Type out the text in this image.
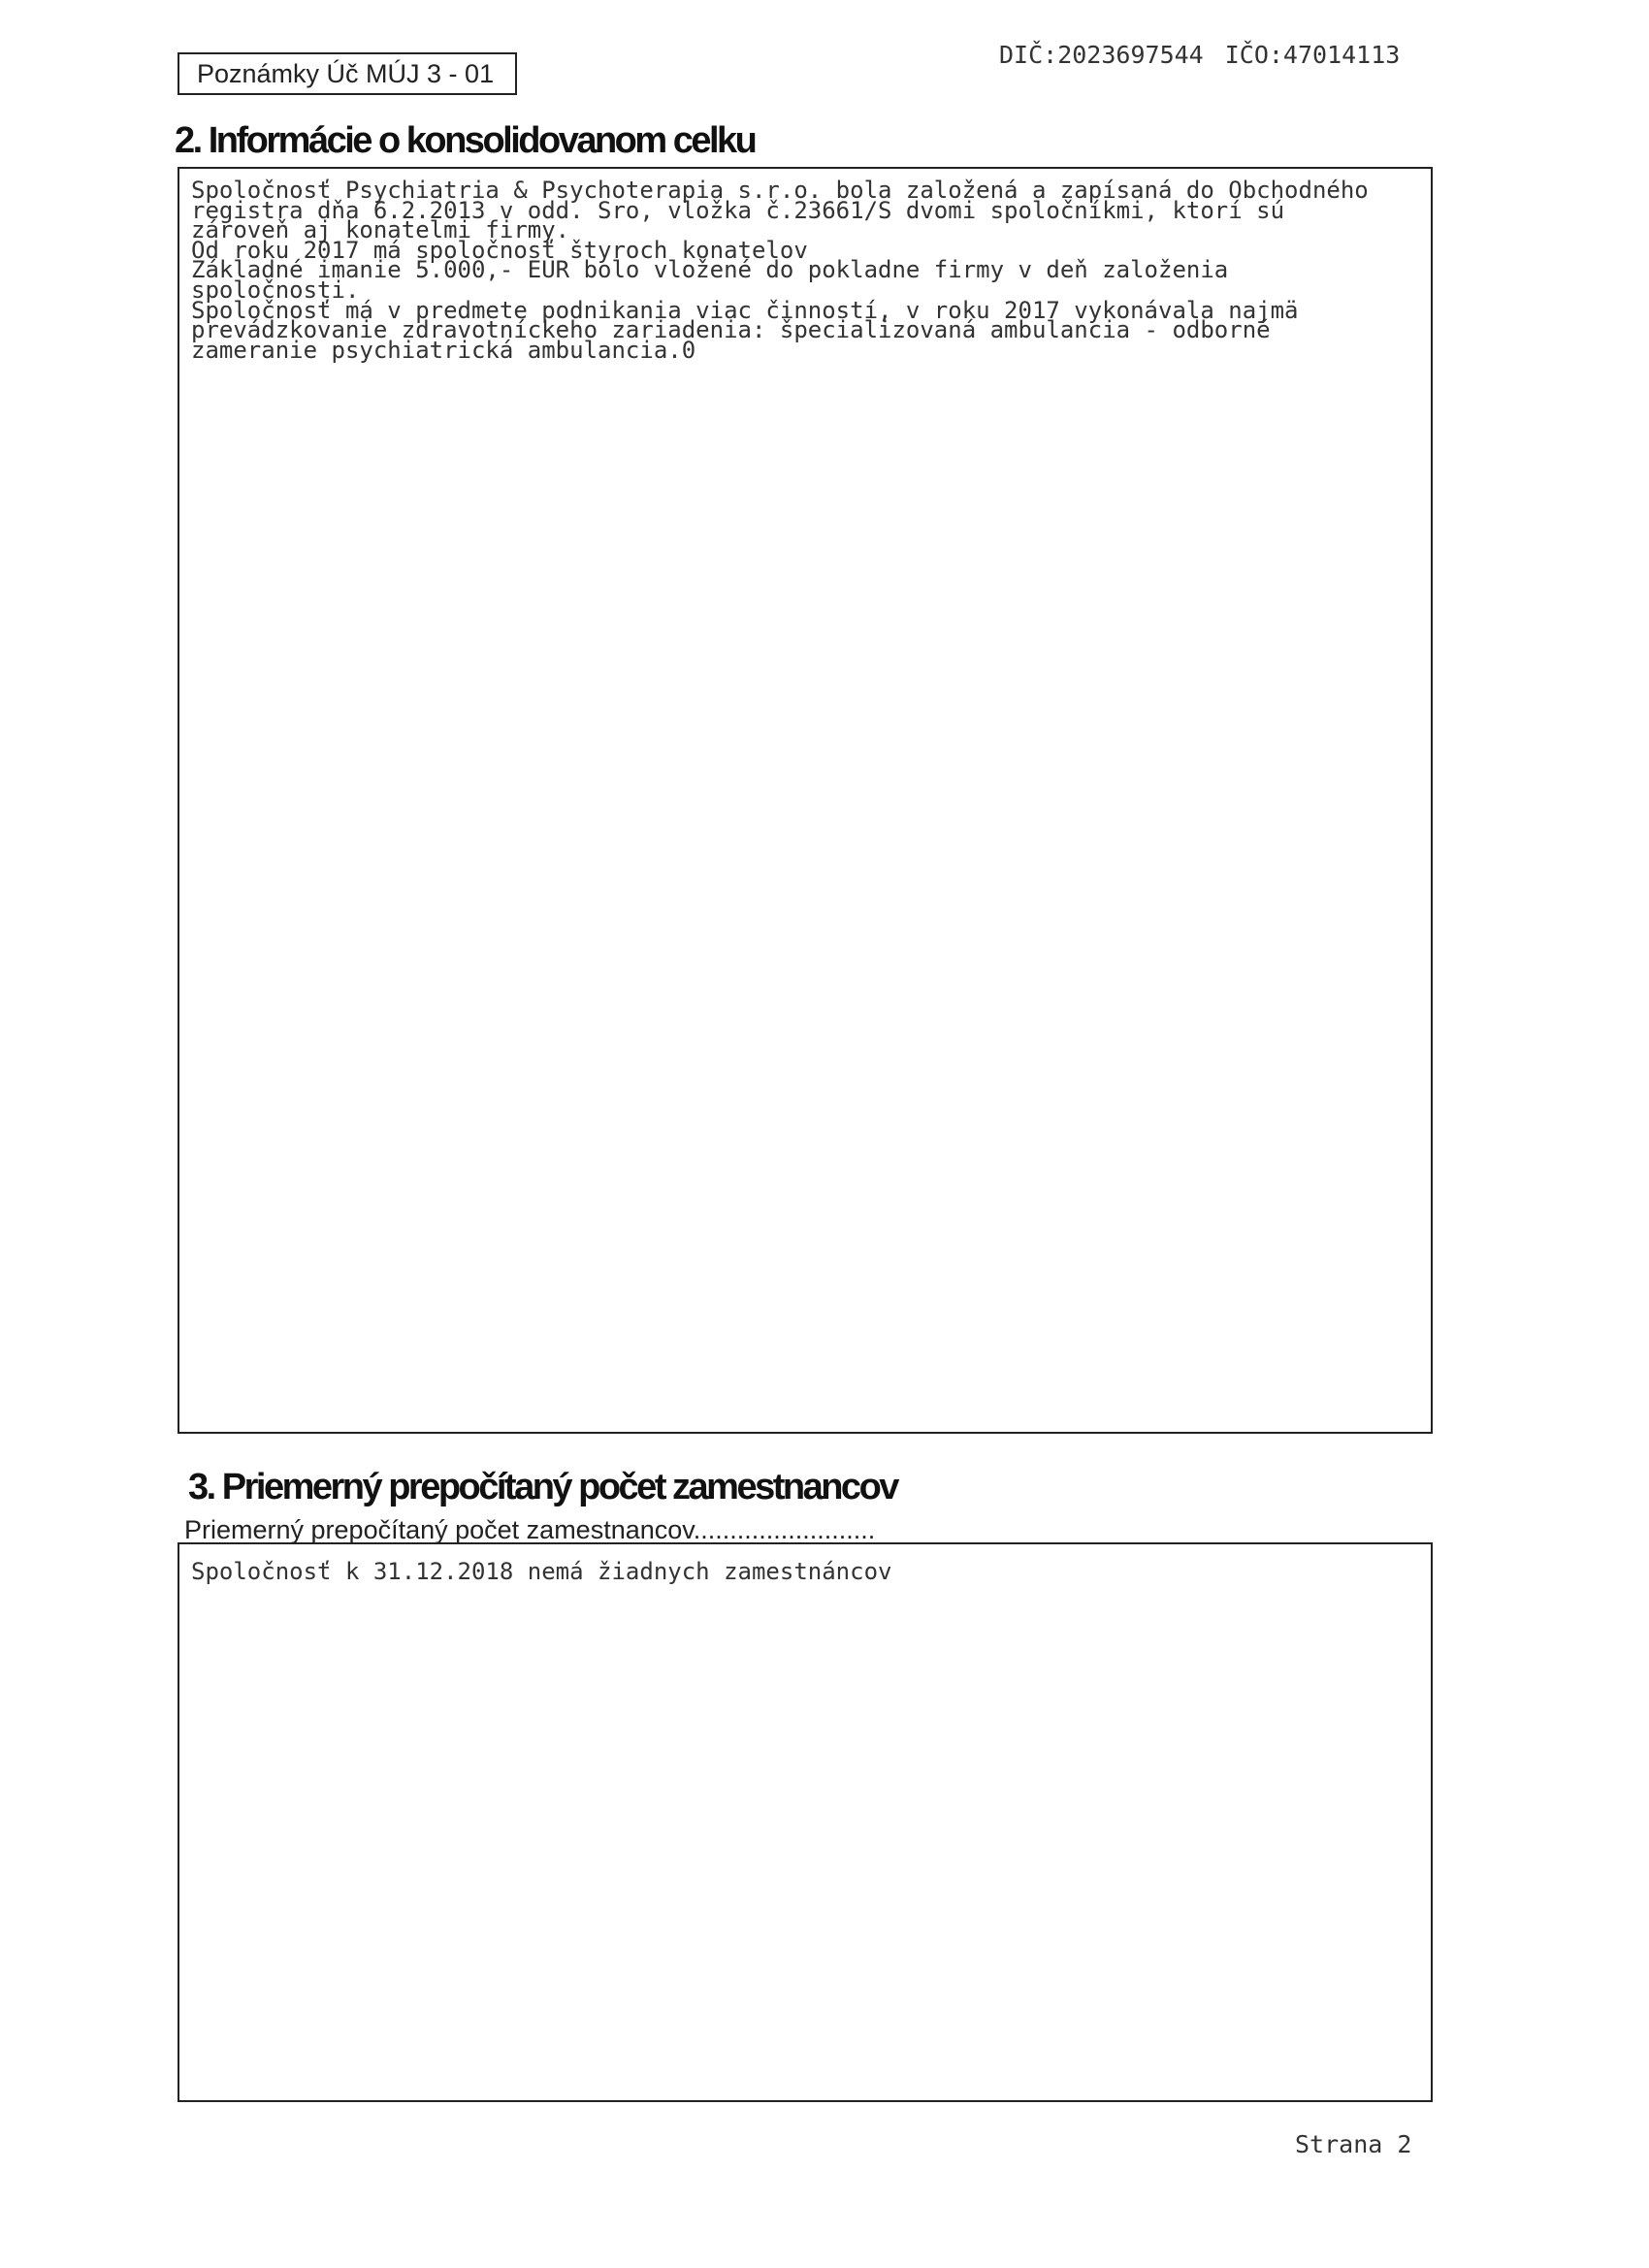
Poznámky Úč MÚJ 3 - 01
DIČ:2023697544 IČO:47014113
2. Informácie o konsolidovanom celku
Spoločnosť Psychiatria & Psychoterapia s.r.o. bola založená a zapísaná do Obchodného
registra dňa 6.2.2013 v odd. Sro, vložka č.23661/S dvomi spoločníkmi, ktorí sú
zároveň aj konatelmi firmy.
Od roku 2017 má spoločnosť štyroch konatelov
Základné imanie 5.000,- EUR bolo vložené do pokladne firmy v deň založenia
spoločnosti.
Spoločnosť má v predmete podnikania viac činností, v roku 2017 vykonávala najmä
prevádzkovanie zdravotníckeho zariadenia: špecializovaná ambulancia - odborné
zameranie psychiatrická ambulancia.0
3. Priemerný prepočítaný počet zamestnancov
Priemerný prepočítaný počet zamestnancov.........................
Spoločnosť k 31.12.2018 nemá žiadnych zamestnáncov
Strana 2
